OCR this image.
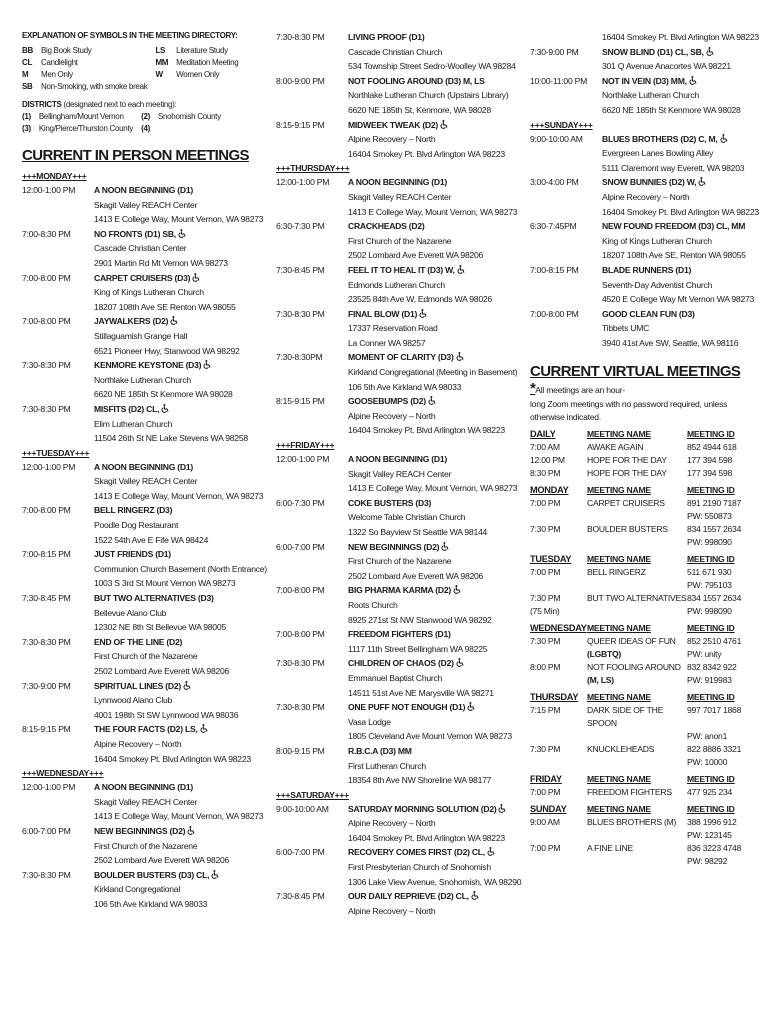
EXPLANATION OF SYMBOLS IN THE MEETING DIRECTORY:
BB	Big Book Study	LS	Literature Study
CL	Candlelight	MM	Meditation Meeting
M	Men Only	W	Women Only
SB	Non-Smoking, with smoke break		
DISTRICTS (designated next to each meeting):
(1)	Bellingham/Mount Vernon	(2)	Snohomish County
(3)	King/Pierce/Thurston County	(4)	
CURRENT IN PERSON MEETINGS
+++MONDAY+++
12:00-1:00 PM	A NOON BEGINNING (D1)
Skagit Valley REACH Center
1413 E College Way, Mount Vernon, WA 98273
7:00-8:30 PM	NO FRONTS (D1) SB,
Cascade Christian Center
2901 Martin Rd Mt Vernon WA 98273
7:00-8:00 PM	CARPET CRUISERS (D3)
King of Kings Lutheran Church
18207 108th Ave SE Renton WA 98055
7:00-8:00 PM	JAYWALKERS (D2)
Stillaguamish Grange Hall
6521 Pioneer Hwy, Stanwood WA 98292
7:30-8:30 PM	KENMORE KEYSTONE (D3)
Northlake Lutheran Church
6620 NE 185th St Kenmore WA 98028
7:30-8:30 PM	MISFITS (D2) CL,
Elim Lutheran Church
11504 26th St NE Lake Stevens WA 98258
+++TUESDAY+++
12:00-1:00 PM	A NOON BEGINNING (D1)
Skagit Valley REACH Center
1413 E College Way, Mount Vernon, WA 98273
7:00-8:00 PM	BELL RINGERZ (D3)
Poodle Dog Restaurant
1522 54th Ave E Fife WA 98424
7:00-8:15 PM	JUST FRIENDS (D1)
Communion Church Basement (North Entrance)
1003 S 3rd St Mount Vernon WA 98273
7:30-8:45 PM	BUT TWO ALTERNATIVES (D3)
Bellevue Alano Club
12302 NE 8th St Bellevue WA 98005
7:30-8:30 PM	END OF THE LINE (D2)
First Church of the Nazarene
2502 Lombard Ave Everett WA 98206
7:30-9:00 PM	SPIRITUAL LINES (D2)
Lynnwood Alano Club
4001 198th St SW Lynnwood WA 98036
8:15-9:15 PM	THE FOUR FACTS (D2) LS,
Alpine Recovery – North
16404 Smokey Pt. Blvd Arlington WA 98223
+++WEDNESDAY+++
12:00-1:00 PM	A NOON BEGINNING (D1)
Skagit Valley REACH Center
1413 E College Way, Mount Vernon, WA 98273
6:00-7:00 PM	NEW BEGINNINGS (D2)
First Church of the Nazarene
2502 Lombard Ave Everett WA 98206
7:30-8:30 PM	BOULDER BUSTERS (D3) CL,
Kirkland Congregational
106 5th Ave Kirkland WA 98033
7:30-8:30 PM	LIVING PROOF (D1)
Cascade Christian Church
534 Township Street Sedro-Woolley WA 98284
8:00-9:00 PM	NOT FOOLING AROUND (D3) M, LS
Northlake Lutheran Church (Upstairs Library)
6620 NE 185th St, Kenmore, WA 98028
8:15-9:15 PM	MIDWEEK TWEAK (D2)
Alpine Recovery – North
16404 Smokey Pt. Blvd Arlington WA 98223
+++THURSDAY+++
12:00-1:00 PM	A NOON BEGINNING (D1)
Skagit Valley REACH Center
1413 E College Way, Mount Vernon, WA 98273
6:30-7:30 PM	CRACKHEADS (D2)
First Church of the Nazarene
2502 Lombard Ave Everett WA 98206
7:30-8:45 PM	FEEL IT TO HEAL IT (D3) W,
Edmonds Lutheran Church
23525 84th Ave W, Edmonds WA 98026
7:30-8:30 PM	FINAL BLOW (D1)
17337 Reservation Road
La Conner WA 98257
7:30-8:30PM	MOMENT OF CLARITY (D3)
Kirkland Congregational (Meeting in Basement)
106 5th Ave Kirkland WA 98033
8:15-9:15 PM	GOOSEBUMPS (D2)
Alpine Recovery – North
16404 Smokey Pt. Blvd Arlington WA 98223
+++FRIDAY+++
12:00-1:00 PM	A NOON BEGINNING (D1)
Skagit Valley REACH Center
1413 E College Way, Mount Vernon, WA 98273
6:00-7:30 PM	COKE BUSTERS (D3)
Welcome Table Christian Church
1322 So Bayview St Seattle WA 98144
6:00-7:00 PM	NEW BEGINNINGS (D2)
First Church of the Nazarene
2502 Lombard Ave Everett WA 98206
7:00-8:00 PM	BIG PHARMA KARMA (D2)
Roots Church
8925 271st St NW Stanwood WA 98292
7:00-8:00 PM	FREEDOM FIGHTERS (D1)
1117 11th Street Bellingham WA 98225
7:30-8:30 PM	CHILDREN OF CHAOS (D2)
Emmanuel Baptist Church
14511 51st Ave NE Marysville WA 98271
7:30-8:30 PM	ONE PUFF NOT ENOUGH (D1)
Vasa Lodge
1805 Cleveland Ave Mount Vernon WA 98273
8:00-9:15 PM	R.B.C.A (D3) MM
First Lutheran Church
18354 8th Ave NW Shoreline WA 98177
+++SATURDAY+++
9:00-10:00 AM	SATURDAY MORNING SOLUTION (D2)
Alpine Recovery – North
16404 Smokey Pt. Blvd Arlington WA 98223
6:00-7:00 PM	RECOVERY COMES FIRST (D2) CL,
First Presbyterian Church of Snohomish
1306 Lake View Avenue, Snohomish, WA 98290
7:30-8:45 PM	OUR DAILY REPRIEVE (D2) CL,
Alpine Recovery – North
16404 Smokey Pt. Blvd Arlington WA 98223
7:30-9:00 PM	SNOW BLIND (D1) CL, SB,
301 Q Avenue Anacortes WA 98221
10:00-11:00 PM	NOT IN VEIN (D3) MM,
Northlake Lutheran Church
6620 NE 185th St Kenmore WA 98028
+++SUNDAY+++
9:00-10:00 AM	BLUES BROTHERS (D2) C, M,
Evergreen Lanes Bowling Alley
5111 Claremont way Everett, WA 98203
3:00-4:00 PM	SNOW BUNNIES (D2) W,
Alpine Recovery – North
16404 Smokey Pt. Blvd Arlington WA 98223
6:30-7:45PM	NEW FOUND FREEDOM (D3) CL, MM
King of Kings Lutheran Church
18207 108th Ave SE, Renton WA 98055
7:00-8:15 PM	BLADE RUNNERS (D1)
Seventh-Day Adventist Church
4520 E College Way Mt Vernon WA 98273
7:00-8:00 PM	GOOD CLEAN FUN (D3)
Tibbets UMC
3940 41st Ave SW, Seattle, WA 98116
CURRENT VIRTUAL MEETINGS *All meetings are an hour-
long Zoom meetings with no password required, unless otherwise indicated.
DAILY	MEETING NAME	MEETING ID
7:00 AM	AWAKE AGAIN	852 4944 618
12:00 PM	HOPE FOR THE DAY	177 394 598
8:30 PM	HOPE FOR THE DAY	177 394 598
MONDAY	MEETING NAME	MEETING ID
7:00 PM	CARPET CRUISERS	891 2190 7187
PW: 550873
7:30 PM	BOULDER BUSTERS	834 1557 2634
PW: 998090
TUESDAY	MEETING NAME	MEETING ID
7:00 PM	BELL RINGERZ	511 671 930
PW: 795103
7:30 PM	BUT TWO ALTERNATIVES 834 1557 2634
(75 Min)	PW: 998090
WEDNESDAY MEETING NAME	MEETING ID
7:30 PM	QUEER IDEAS OF FUN	852 2510 4761
(LGBTQ)	PW: unity
8:00 PM	NOT FOOLING AROUND 832 8342 922
(M, LS)	PW: 919983
THURSDAY	MEETING NAME	MEETING ID
7:15 PM	DARK SIDE OF THE SPOON
997 7017 1868
PW: anon1
7:30 PM	KNUCKLEHEADS	822 8886 3321
PW: 10000
FRIDAY	MEETING NAME	MEETING ID
7:00 PM	FREEDOM FIGHTERS	477 925 234
SUNDAY	MEETING NAME	MEETING ID
9:00 AM	BLUES BROTHERS (M)	388 1996 912
PW: 123145
7:00 PM	A FINE LINE	836 3223 4748
PW: 98292
